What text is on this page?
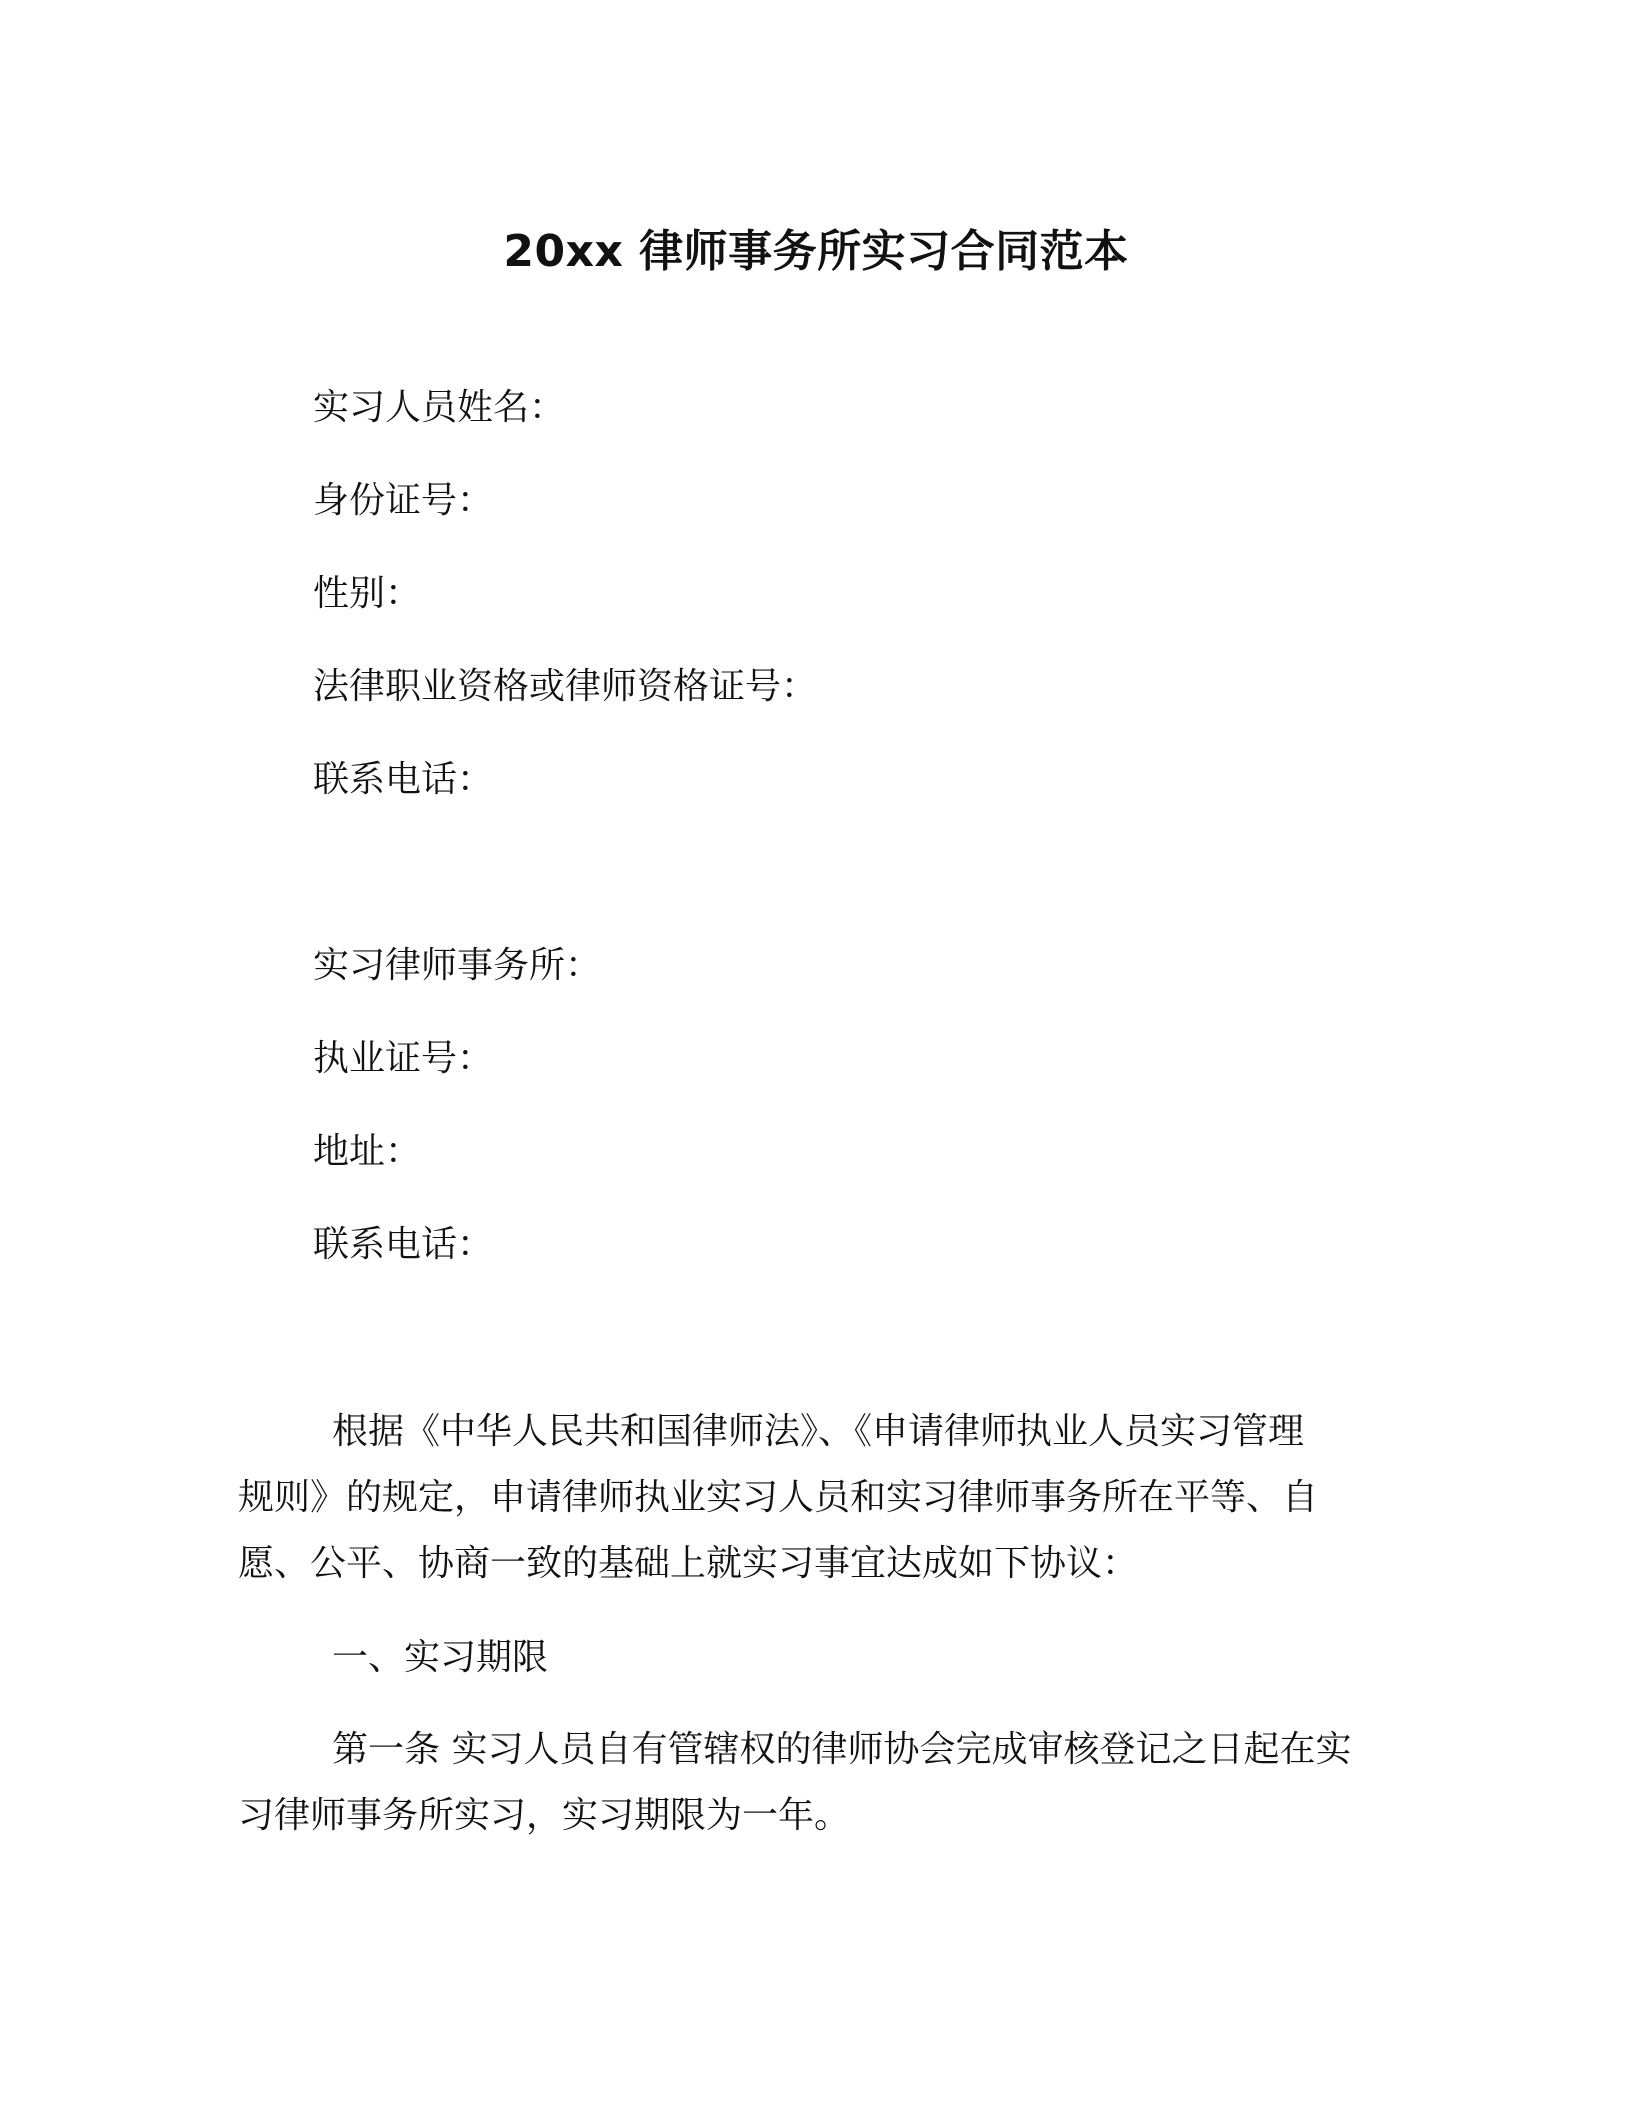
20xx 律师事务所实习合同范本
实习人员姓名：
身份证号：
性别：
法律职业资格或律师资格证号：
联系电话：
实习律师事务所：
执业证号：
地址：
联系电话：
根据《中华人民共和国律师法》、《申请律师执业人员实习管理
规则》的规定，申请律师执业实习人员和实习律师事务所在平等、自
愿、公平、协商一致的基础上就实习事宜达成如下协议：
一、实习期限
第一条 实习人员自有管辖权的律师协会完成审核登记之日起在实
习律师事务所实习，实习期限为一年。
